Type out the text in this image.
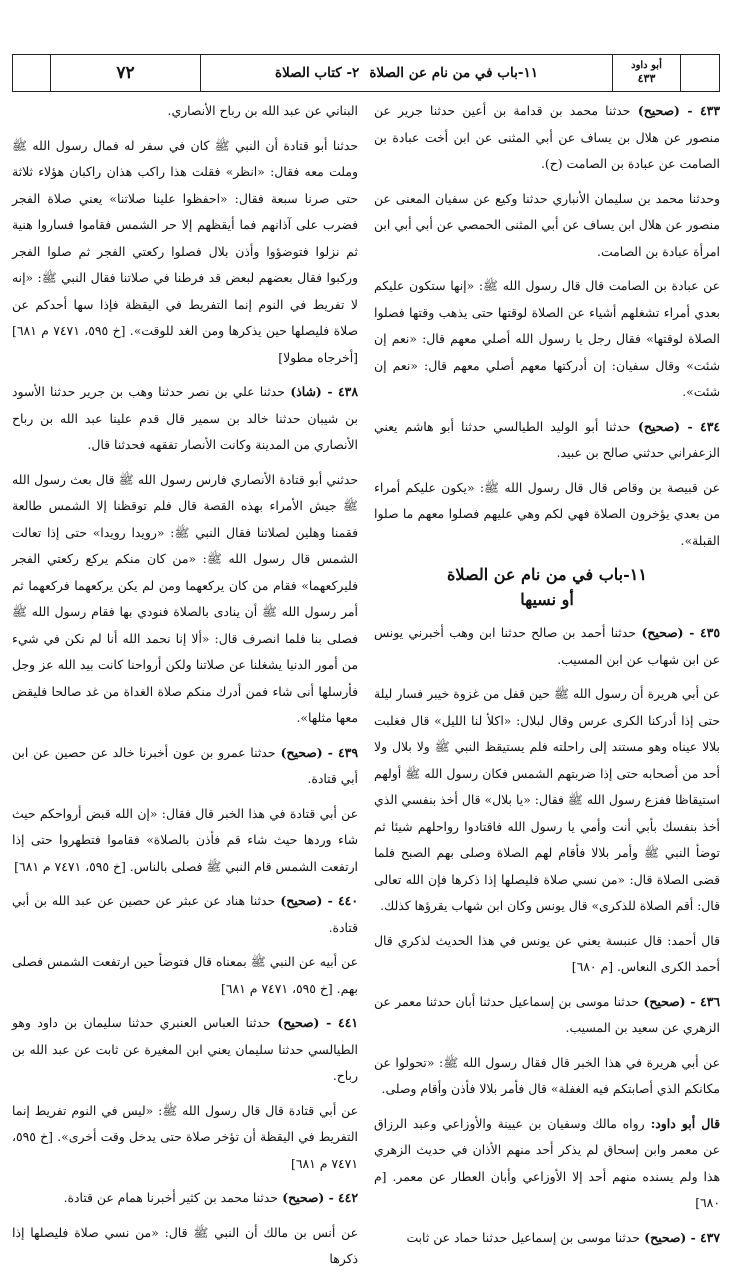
٧٢	١١-باب في من نام عن الصلاة
٢- كتاب الصلاة	أبو داود
٤٣٣

٤٣٣ - (صحيح) حدثنا محمد بن قدامة بن أعين حدثنا جرير عن منصور عن هلال بن يساف عن أبي المثنى عن ابن أخت عبادة بن الصامت عن عبادة بن الصامت (ح).

وحدثنا محمد بن سليمان الأنباري حدثنا وكيع عن سفيان المعنى عن منصور عن هلال ابن يساف عن أبي المثنى الحمصي عن أبي أبي ابن امرأة عبادة بن الصامت.

عن عبادة بن الصامت قال قال رسول الله ﷺ: «إنها ستكون عليكم بعدي أمراء تشغلهم أشياء عن الصلاة لوقتها حتى يذهب وقتها فصلوا الصلاة لوقتها» فقال رجل يا رسول الله أصلي معهم قال: «نعم إن شئت» وقال سفيان: إن أدركتها معهم أصلي معهم قال: «نعم إن شئت».

٤٣٤ - (صحيح) حدثنا أبو الوليد الطيالسي حدثنا أبو هاشم يعني الزعفراني حدثني صالح بن عبيد.

عن قبيصة بن وقاص قال قال رسول الله ﷺ: «يكون عليكم أمراء من بعدي يؤخرون الصلاة فهي لكم وهي عليهم فصلوا معهم ما صلوا القبلة».

١١-باب في من نام عن الصلاة
أو نسيها

٤٣٥ - (صحيح) حدثنا أحمد بن صالح حدثنا ابن وهب أخبرني يونس عن ابن شهاب عن ابن المسيب.

عن أبي هريرة أن رسول الله ﷺ حين قفل من غزوة خيبر فسار ليلة حتى إذا أدركنا الكرى عرس وقال لبلال: «اكلأ لنا الليل» قال فغلبت بلالا عيناه وهو مستند إلى راحلته فلم يستيقظ النبي ﷺ ولا بلال ولا أحد من أصحابه حتى إذا ضربتهم الشمس فكان رسول الله ﷺ أولهم استيقاظا ففزع رسول الله ﷺ فقال: «يا بلال» قال أخذ بنفسي الذي أخذ بنفسك بأبي أنت وأمي يا رسول الله فاقتادوا رواحلهم شيئا ثم توضأ النبي ﷺ وأمر بلالا فأقام لهم الصلاة وصلى بهم الصبح فلما قضى الصلاة قال: «من نسي صلاة فليصلها إذا ذكرها فإن الله تعالى قال: أقم الصلاة للذكرى» قال يونس وكان ابن شهاب يقرؤها كذلك.

قال أحمد: قال عنبسة يعني عن يونس في هذا الحديث لذكري قال أحمد الكرى النعاس. [م ٦٨٠]

٤٣٦ - (صحيح) حدثنا موسى بن إسماعيل حدثنا أبان حدثنا معمر عن الزهري عن سعيد بن المسيب.

عن أبي هريرة في هذا الخبر قال فقال رسول الله ﷺ: «تحولوا عن مكانكم الذي أصابتكم فيه الغفلة» قال فأمر بلالا فأذن وأقام وصلى.

قال أبو داود: رواه مالك وسفيان بن عيينة والأوزاعي وعبد الرزاق عن معمر وابن إسحاق لم يذكر أحد منهم الأذان في حديث الزهري هذا ولم يسنده منهم أحد إلا الأوزاعي وأبان العطار عن معمر. [م ٦٨٠]

٤٣٧ - (صحيح) حدثنا موسى بن إسماعيل حدثنا حماد عن ثابت

البناني عن عبد الله بن رباح الأنصاري.

حدثنا أبو قتادة أن النبي ﷺ كان في سفر له فمال رسول الله ﷺ وملت معه فقال: «انظر» فقلت هذا راكب هذان راكبان هؤلاء ثلاثة حتى صرنا سبعة فقال: «احفظوا علينا صلاتنا» يعني صلاة الفجر فضرب على آذانهم فما أيقظهم إلا حر الشمس فقاموا فساروا هنية ثم نزلوا فتوضؤوا وأذن بلال فصلوا ركعتي الفجر ثم صلوا الفجر وركبوا فقال بعضهم لبعض قد فرطنا في صلاتنا فقال النبي ﷺ: «إنه لا تفريط في النوم إنما التفريط في اليقظة فإذا سها أحدكم عن صلاة فليصلها حين يذكرها ومن الغد للوقت». [خ ٥٩٥، ٧٤٧١ م ٦٨١] [أخرجاه مطولا]

٤٣٨ - (شاذ) حدثنا علي بن نصر حدثنا وهب بن جرير حدثنا الأسود بن شيبان حدثنا خالد بن سمير قال قدم علينا عبد الله بن رباح الأنصاري من المدينة وكانت الأنصار تفقهه فحدثنا قال.

حدثني أبو قتادة الأنصاري فارس رسول الله ﷺ قال بعث رسول الله ﷺ جيش الأمراء بهذه القصة قال فلم توقظنا إلا الشمس طالعة فقمنا وهلين لصلاتنا فقال النبي ﷺ: «رويدا رويدا» حتى إذا تعالت الشمس قال رسول الله ﷺ: «من كان منكم يركع ركعتي الفجر فليركعهما» فقام من كان يركعهما ومن لم يكن يركعهما فركعهما ثم أمر رسول الله ﷺ أن ينادى بالصلاة فنودي بها فقام رسول الله ﷺ فصلى بنا فلما انصرف قال: «ألا إنا نحمد الله أنا لم نكن في شيء من أمور الدنيا يشغلنا عن صلاتنا ولكن أرواحنا كانت بيد الله عز وجل فأرسلها أنى شاء فمن أدرك منكم صلاة الغداة من غد صالحا فليقض معها مثلها».

٤٣٩ - (صحيح) حدثنا عمرو بن عون أخبرنا خالد عن حصين عن ابن أبي قتادة.

عن أبي قتادة في هذا الخبر قال فقال: «إن الله قبض أرواحكم حيث شاء وردها حيث شاء قم فأذن بالصلاة» فقاموا فتطهروا حتى إذا ارتفعت الشمس قام النبي ﷺ فصلى بالناس. [خ ٥٩٥، ٧٤٧١ م ٦٨١]

٤٤٠ - (صحيح) حدثنا هناد عن عبثر عن حصين عن عبد الله بن أبي قتادة.

عن أبيه عن النبي ﷺ بمعناه قال فتوضأ حين ارتفعت الشمس فصلى بهم. [خ ٥٩٥، ٧٤٧١ م ٦٨١]

٤٤١ - (صحيح) حدثنا العباس العنبري حدثنا سليمان بن داود وهو الطيالسي حدثنا سليمان يعني ابن المغيرة عن ثابت عن عبد الله بن رباح.

عن أبي قتادة قال قال رسول الله ﷺ: «ليس في النوم تفريط إنما التفريط في اليقظة أن تؤخر صلاة حتى يدخل وقت أخرى». [خ ٥٩٥، ٧٤٧١ م ٦٨١]

٤٤٢ - (صحيح) حدثنا محمد بن كثير أخبرنا همام عن قتادة.

عن أنس بن مالك أن النبي ﷺ قال: «من نسي صلاة فليصلها إذا ذكرها
